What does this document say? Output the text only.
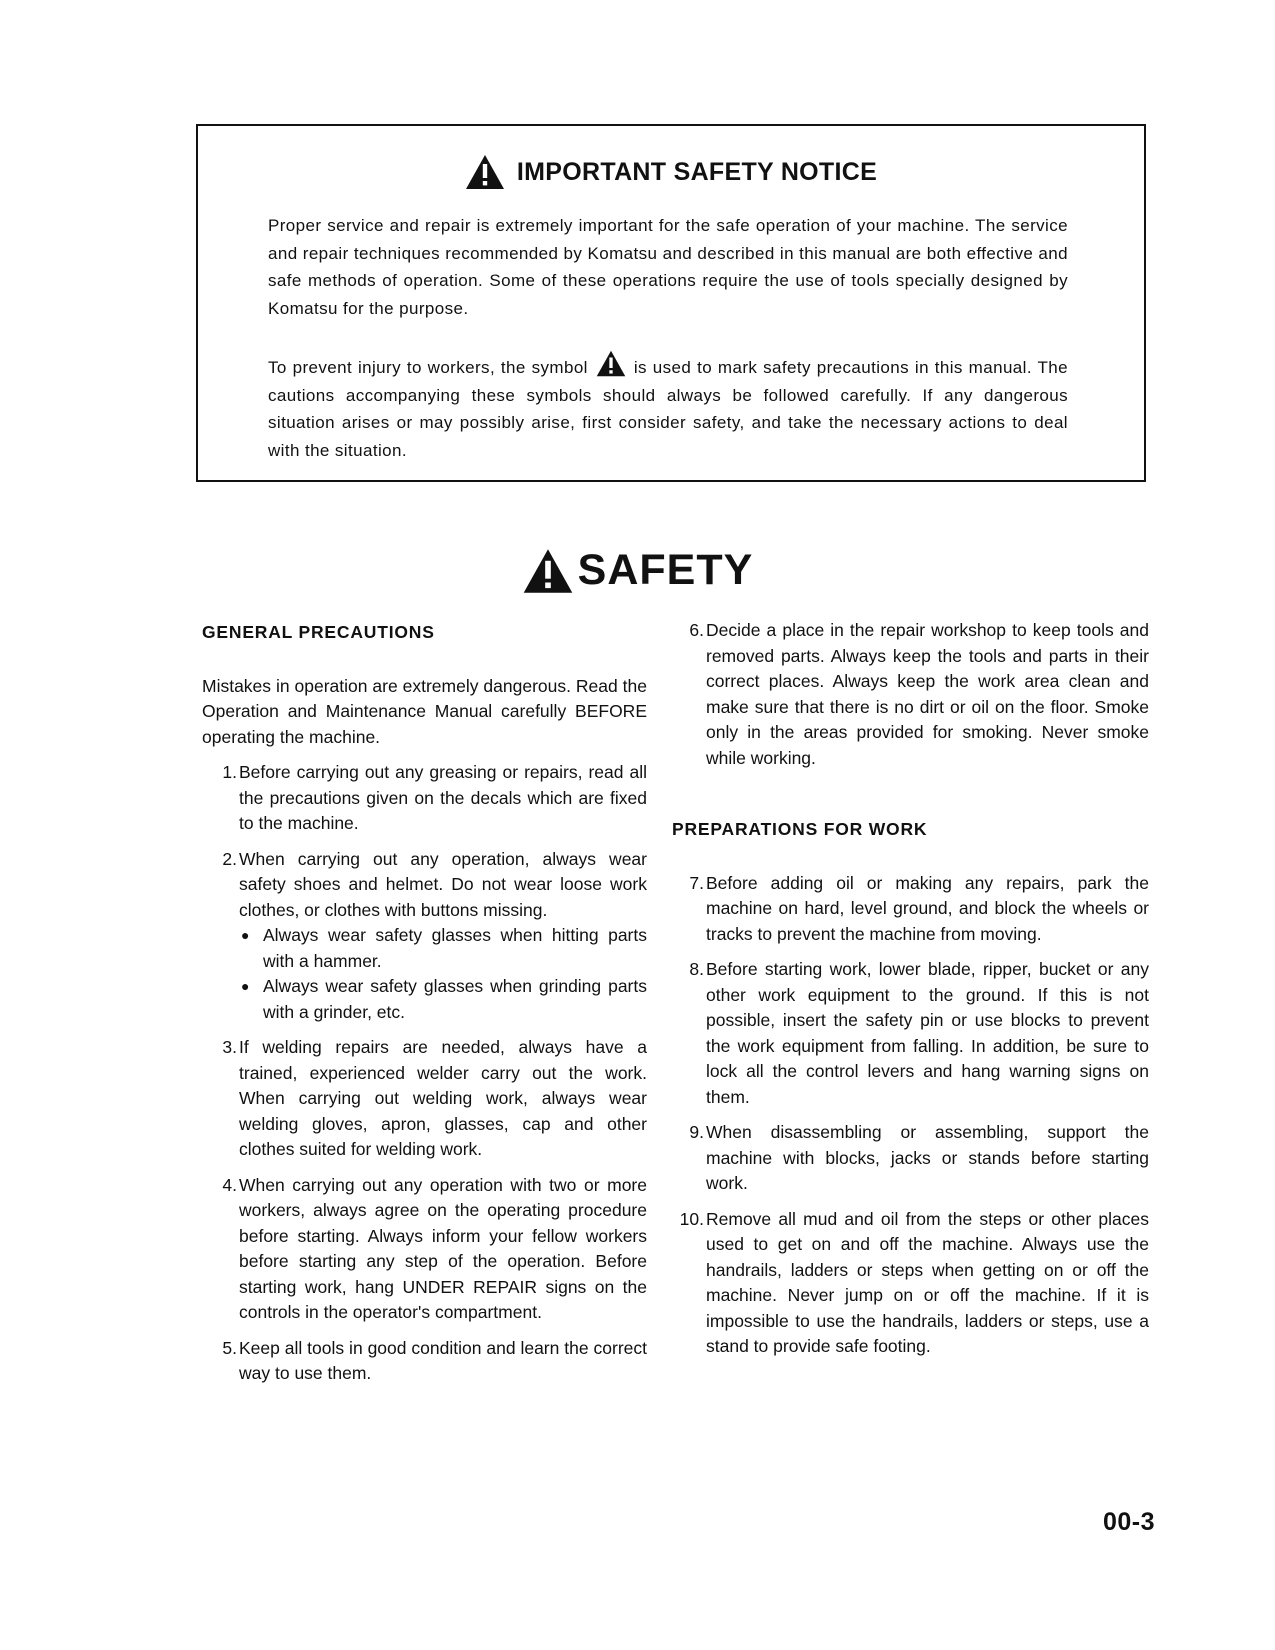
IMPORTANT SAFETY NOTICE

Proper service and repair is extremely important for the safe operation of your machine. The service and repair techniques recommended by Komatsu and described in this manual are both effective and safe methods of operation. Some of these operations require the use of tools specially designed by Komatsu for the purpose.

To prevent injury to workers, the symbol	is used to mark safety precautions in this manual. The cautions accompanying these symbols should always be followed carefully. If any dangerous situation arises or may possibly arise, first consider safety, and take the necessary actions to deal with the situation.

SAFETY
GENERAL PRECAUTIONS

Mistakes in operation are extremely dangerous. Read the Operation and Maintenance Manual carefully BEFORE operating the machine.

1. Before carrying out any greasing or repairs, read all the precautions given on the decals which are fixed to the machine.
2. When carrying out any operation, always wear safety shoes and helmet. Do not wear loose work clothes, or clothes with buttons missing.
● Always wear safety glasses when hitting parts with a hammer.
● Always wear safety glasses when grinding parts with a grinder, etc.
3. If welding repairs are needed, always have a trained, experienced welder carry out the work. When carrying out welding work, always wear welding gloves, apron, glasses, cap and other clothes suited for welding work.
4. When carrying out any operation with two or more workers, always agree on the operating procedure before starting. Always inform your fellow workers before starting any step of the operation. Before starting work, hang UNDER REPAIR signs on the controls in the operator's compartment.
5. Keep all tools in good condition and learn the correct way to use them.
6. Decide a place in the repair workshop to keep tools and removed parts. Always keep the tools and parts in their correct places. Always keep the work area clean and make sure that there is no dirt or oil on the floor. Smoke only in the areas provided for smoking. Never smoke while working.
PREPARATIONS FOR WORK
7. Before adding oil or making any repairs, park the machine on hard, level ground, and block the wheels or tracks to prevent the machine from moving.
8. Before starting work, lower blade, ripper, bucket or any other work equipment to the ground. If this is not possible, insert the safety pin or use blocks to prevent the work equipment from falling. In addition, be sure to lock all the control levers and hang warning signs on them.
9. When disassembling or assembling, support the machine with blocks, jacks or stands before starting work.
10. Remove all mud and oil from the steps or other places used to get on and off the machine. Always use the handrails, ladders or steps when getting on or off the machine. Never jump on or off the machine. If it is impossible to use the handrails, ladders or steps, use a stand to provide safe footing.
00-3
